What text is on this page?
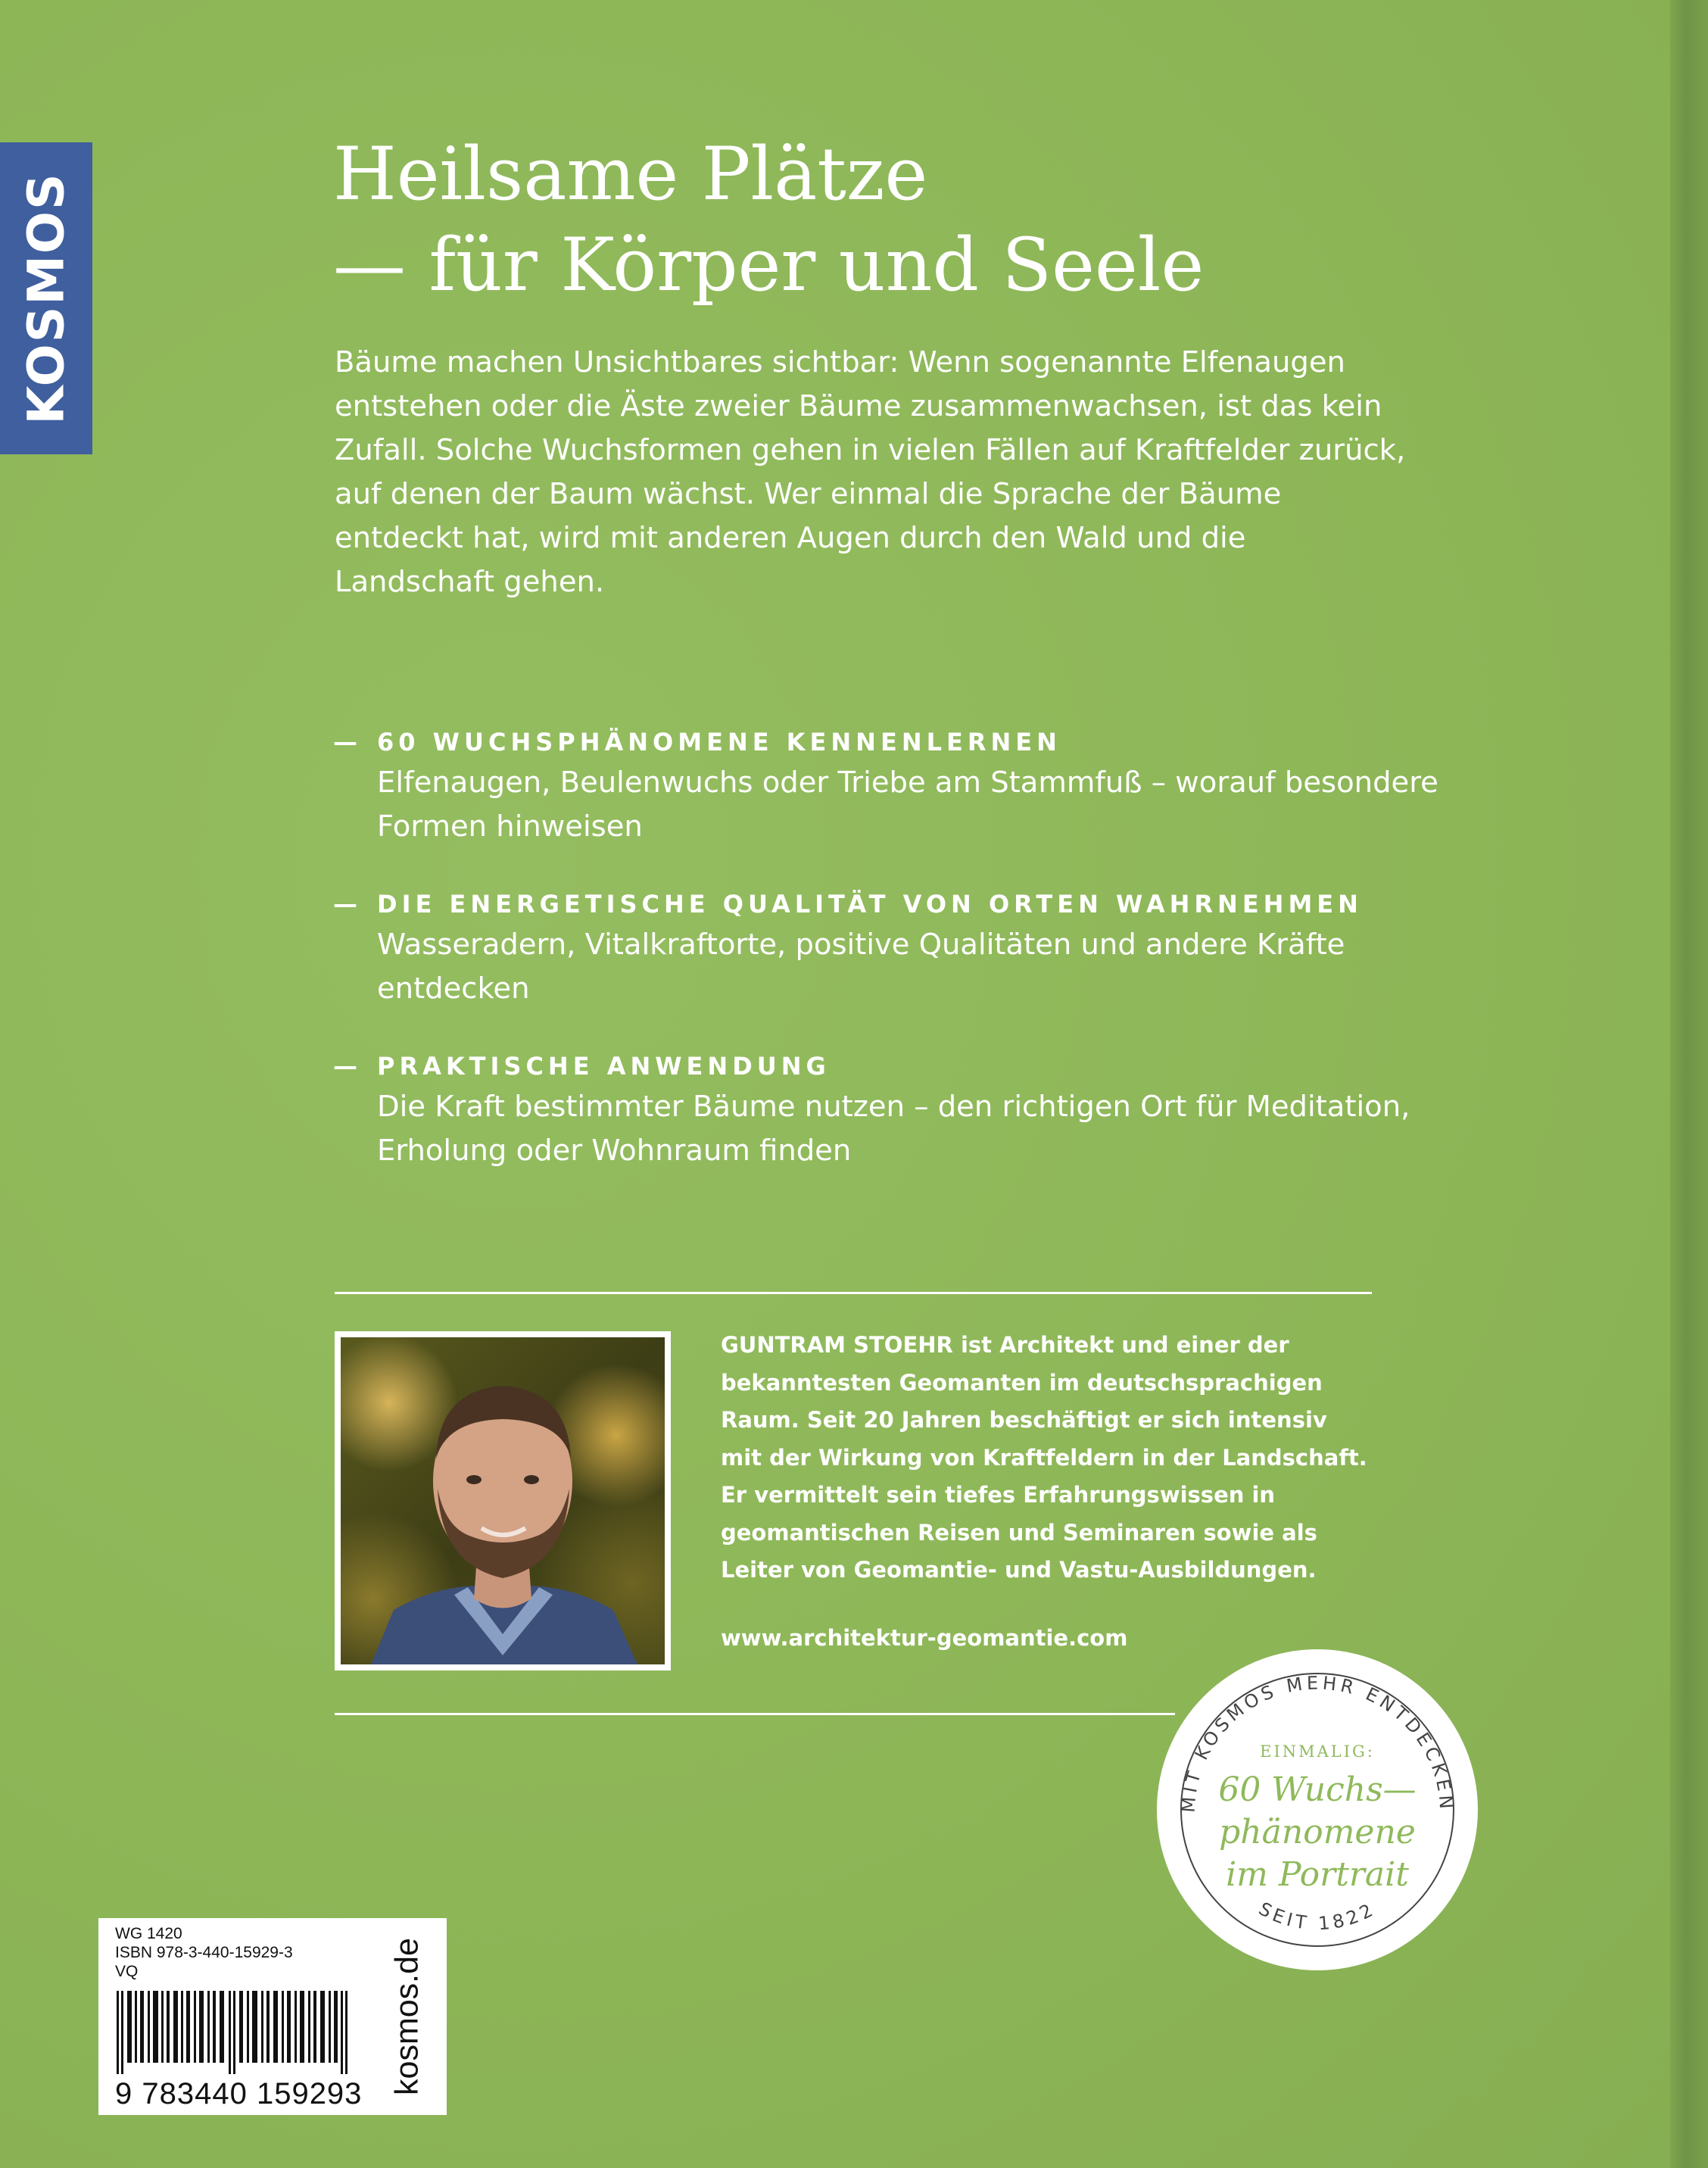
KOSMOS	Heilsame Plätze
— für Körper und Seele
Bäume machen Unsichtbares sichtbar: Wenn sogenannte Elfenaugen entstehen oder die Äste zweier Bäume zusammenwachsen, ist das kein Zufall. Solche Wuchsformen gehen in vielen Fällen auf Kraftfelder zurück, auf denen der Baum wächst. Wer einmal die Sprache der Bäume entdeckt hat, wird mit anderen Augen durch den Wald und die Landschaft gehen.
— 60 WUCHSPHÄNOMENE KENNENLERNEN
Elfenaugen, Beulenwuchs oder Triebe am Stammfuß – worauf besondere Formen hinweisen
— DIE ENERGETISCHE QUALITÄT VON ORTEN WAHRNEHMEN
Wasseradern, Vitalkraftorte, positive Qualitäten und andere Kräfte entdecken
— PRAKTISCHE ANWENDUNG
Die Kraft bestimmter Bäume nutzen – den richtigen Ort für Meditation, Erholung oder Wohnraum finden
GUNTRAM STOEHR ist Architekt und einer der bekanntesten Geomanten im deutschsprachigen Raum. Seit 20 Jahren beschäftigt er sich intensiv mit der Wirkung von Kraftfeldern in der Landschaft. Er vermittelt sein tiefes Erfahrungswissen in geomantischen Reisen und Seminaren sowie als Leiter von Geomantie- und Vastu-Ausbildungen.
www.architektur-geomantie.com
MIT KOSMOS MEHR ENTDECKEN
EINMALIG:
60 Wuchs—
phänomene
im Portrait
SEIT 1822
WG 1420
ISBN 978-3-440-15929-3
VQ
9 783440 159293 kosmos.de
